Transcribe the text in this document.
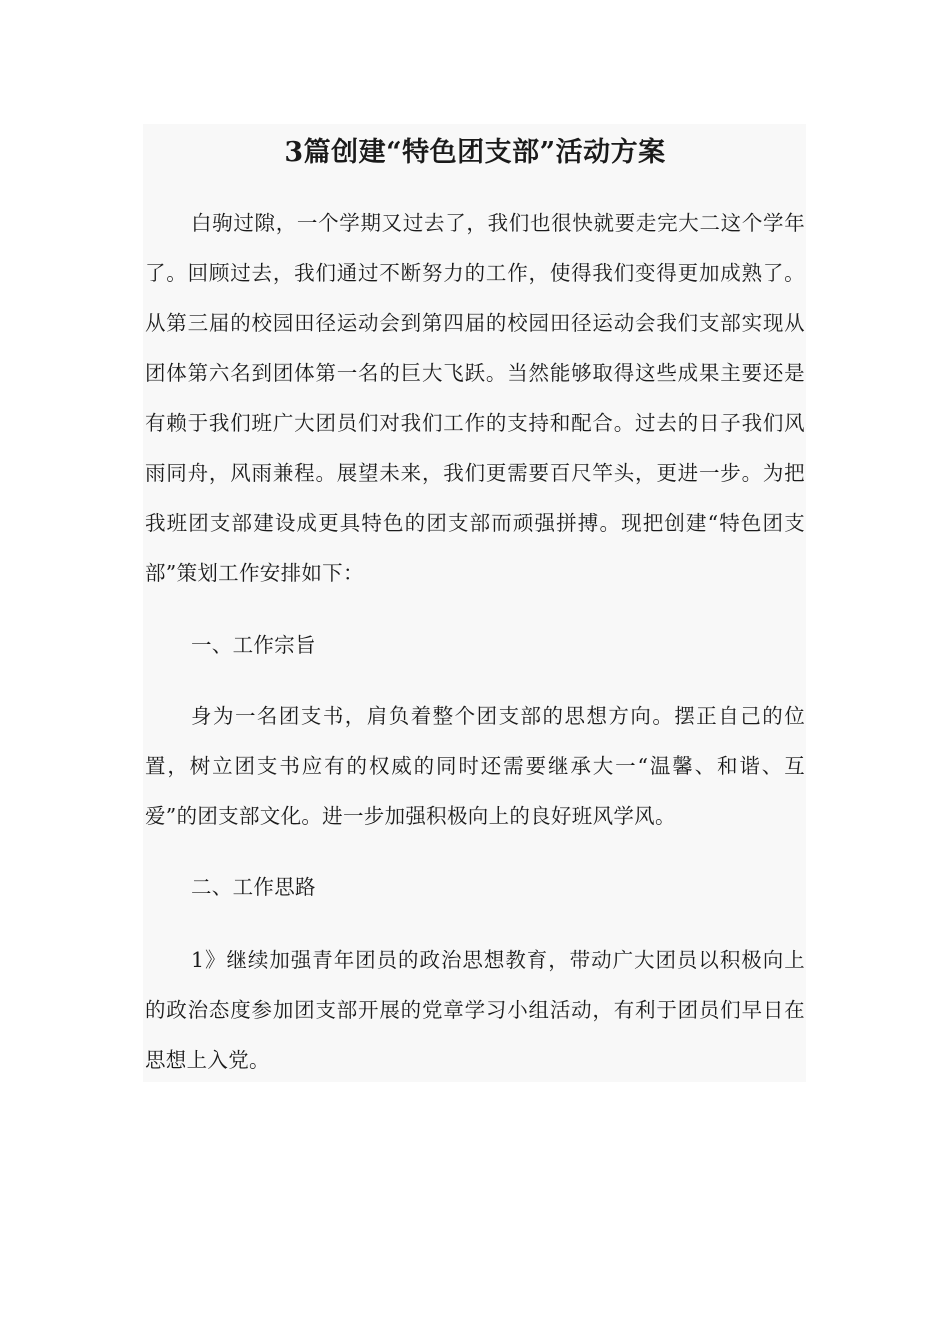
3篇创建“特色团支部”活动方案

白驹过隙，一个学期又过去了，我们也很快就要走完大二这个学年了。回顾过去，我们通过不断努力的工作，使得我们变得更加成熟了。从第三届的校园田径运动会到第四届的校园田径运动会我们支部实现从团体第六名到团体第一名的巨大飞跃。当然能够取得这些成果主要还是有赖于我们班广大团员们对我们工作的支持和配合。过去的日子我们风雨同舟，风雨兼程。展望未来，我们更需要百尺竿头，更进一步。为把我班团支部建设成更具特色的团支部而顽强拼搏。现把创建“特色团支部”策划工作安排如下：

一、工作宗旨

身为一名团支书，肩负着整个团支部的思想方向。摆正自己的位置，树立团支书应有的权威的同时还需要继承大一“温馨、和谐、互爱”的团支部文化。进一步加强积极向上的良好班风学风。

二、工作思路

1》继续加强青年团员的政治思想教育，带动广大团员以积极向上的政治态度参加团支部开展的党章学习小组活动，有利于团员们早日在思想上入党。
